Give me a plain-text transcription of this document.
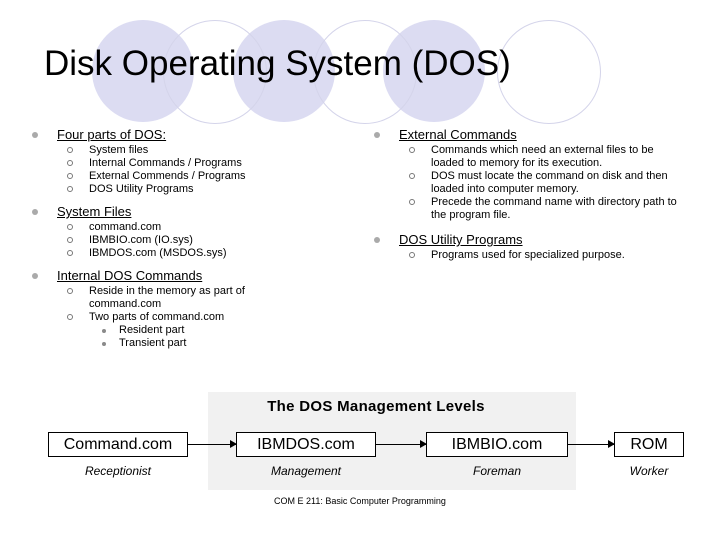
Disk Operating System (DOS)
Four parts of DOS:
System files
Internal Commands / Programs
External Commends / Programs
DOS Utility Programs
System Files
command.com
IBMBIO.com (IO.sys)
IBMDOS.com (MSDOS.sys)
Internal DOS Commands
Reside in the memory as part of command.com
Two parts of command.com
Resident part
Transient part
External Commands
Commands which need an external files to be loaded to memory for its execution.
DOS must locate the command on disk and then loaded into computer memory.
Precede the command name with directory path to the program file.
DOS Utility Programs
Programs used for specialized purpose.
The DOS Management Levels
Command.com	IBMDOS.com	IBMBIO.com	ROM
Receptionist	Management	Foreman	Worker
COM E 211: Basic Computer Programming
